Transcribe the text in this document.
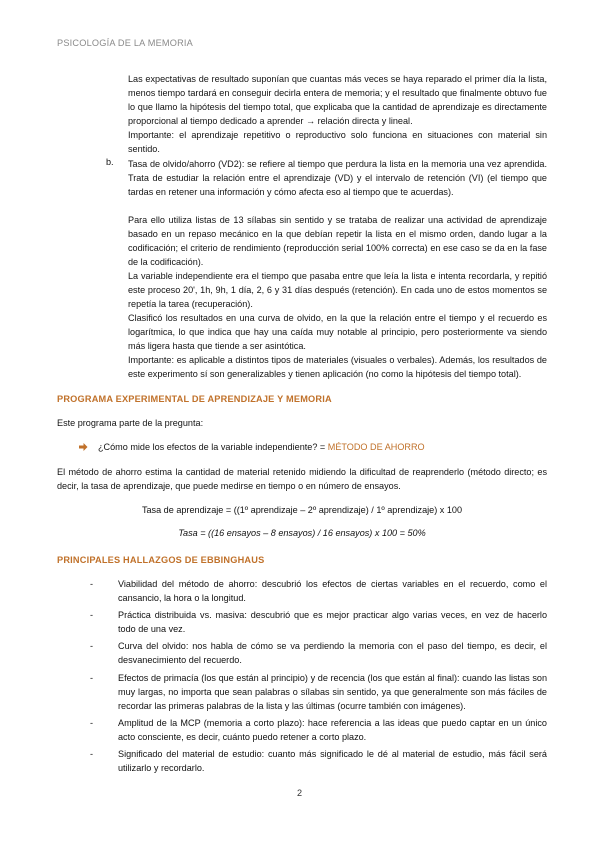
PSICOLOGÍA DE LA MEMORIA
Las expectativas de resultado suponían que cuantas más veces se haya reparado el primer día la lista, menos tiempo tardará en conseguir decirla entera de memoria; y el resultado que finalmente obtuvo fue lo que llamo la hipótesis del tiempo total, que explicaba que la cantidad de aprendizaje es directamente proporcional al tiempo dedicado a aprender → relación directa y lineal.
Importante: el aprendizaje repetitivo o reproductivo solo funciona en situaciones con material sin sentido.
b. Tasa de olvido/ahorro (VD2): se refiere al tiempo que perdura la lista en la memoria una vez aprendida. Trata de estudiar la relación entre el aprendizaje (VD) y el intervalo de retención (VI) (el tiempo que tardas en retener una información y cómo afecta eso al tiempo que te acuerdas).
Para ello utiliza listas de 13 sílabas sin sentido y se trataba de realizar una actividad de aprendizaje basado en un repaso mecánico en la que debían repetir la lista en el mismo orden, dando lugar a la codificación; el criterio de rendimiento (reproducción serial 100% correcta) en ese caso se da en la fase de la codificación).
La variable independiente era el tiempo que pasaba entre que leía la lista e intenta recordarla, y repitió este proceso 20', 1h, 9h, 1 día, 2, 6 y 31 días después (retención). En cada uno de estos momentos se repetía la tarea (recuperación).
Clasificó los resultados en una curva de olvido, en la que la relación entre el tiempo y el recuerdo es logarítmica, lo que indica que hay una caída muy notable al principio, pero posteriormente va siendo más ligera hasta que tiende a ser asintótica.
Importante: es aplicable a distintos tipos de materiales (visuales o verbales). Además, los resultados de este experimento sí son generalizables y tienen aplicación (no como la hipótesis del tiempo total).
PROGRAMA EXPERIMENTAL DE APRENDIZAJE Y MEMORIA
Este programa parte de la pregunta:
¿Cómo mide los efectos de la variable independiente? = MÉTODO DE AHORRO
El método de ahorro estima la cantidad de material retenido midiendo la dificultad de reaprenderlo (método directo; es decir, la tasa de aprendizaje, que puede medirse en tiempo o en número de ensayos.
Tasa de aprendizaje = ((1º aprendizaje – 2º aprendizaje) / 1º aprendizaje) x 100
Tasa = ((16 ensayos – 8 ensayos) / 16 ensayos) x 100 = 50%
PRINCIPALES HALLAZGOS DE EBBINGHAUS
-	Viabilidad del método de ahorro: descubrió los efectos de ciertas variables en el recuerdo, como el cansancio, la hora o la longitud.
-	Práctica distribuida vs. masiva: descubrió que es mejor practicar algo varias veces, en vez de hacerlo todo de una vez.
-	Curva del olvido: nos habla de cómo se va perdiendo la memoria con el paso del tiempo, es decir, el desvanecimiento del recuerdo.
-	Efectos de primacía (los que están al principio) y de recencia (los que están al final): cuando las listas son muy largas, no importa que sean palabras o sílabas sin sentido, ya que generalmente son más fáciles de recordar las primeras palabras de la lista y las últimas (ocurre también con imágenes).
-	Amplitud de la MCP (memoria a corto plazo): hace referencia a las ideas que puedo captar en un único acto consciente, es decir, cuánto puedo retener a corto plazo.
-	Significado del material de estudio: cuanto más significado le dé al material de estudio, más fácil será utilizarlo y recordarlo.
2
